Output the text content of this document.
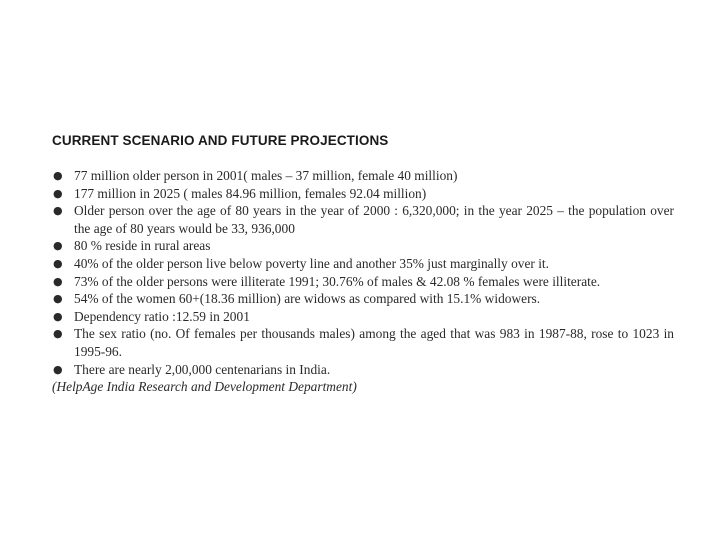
CURRENT SCENARIO AND FUTURE PROJECTIONS
● 77 million older person in 2001( males – 37 million, female 40 million)
● 177 million in 2025 ( males 84.96 million, females 92.04 million)
● Older person over the age of 80 years in the year of 2000 : 6,320,000; in the year 2025 – the population over the age of 80 years would be 33, 936,000
● 80 % reside in rural areas
● 40% of the older person live below poverty line and another 35% just marginally over it.
● 73% of the older persons were illiterate 1991; 30.76% of males & 42.08 % females were illiterate.
● 54% of the women 60+(18.36 million) are widows as compared with 15.1% widowers.
● Dependency ratio :12.59 in 2001
● The sex ratio (no. Of females per thousands males) among the aged that was 983 in 1987-88, rose to 1023 in 1995-96.
● There are nearly 2,00,000 centenarians in India.
(HelpAge India Research and Development Department)
